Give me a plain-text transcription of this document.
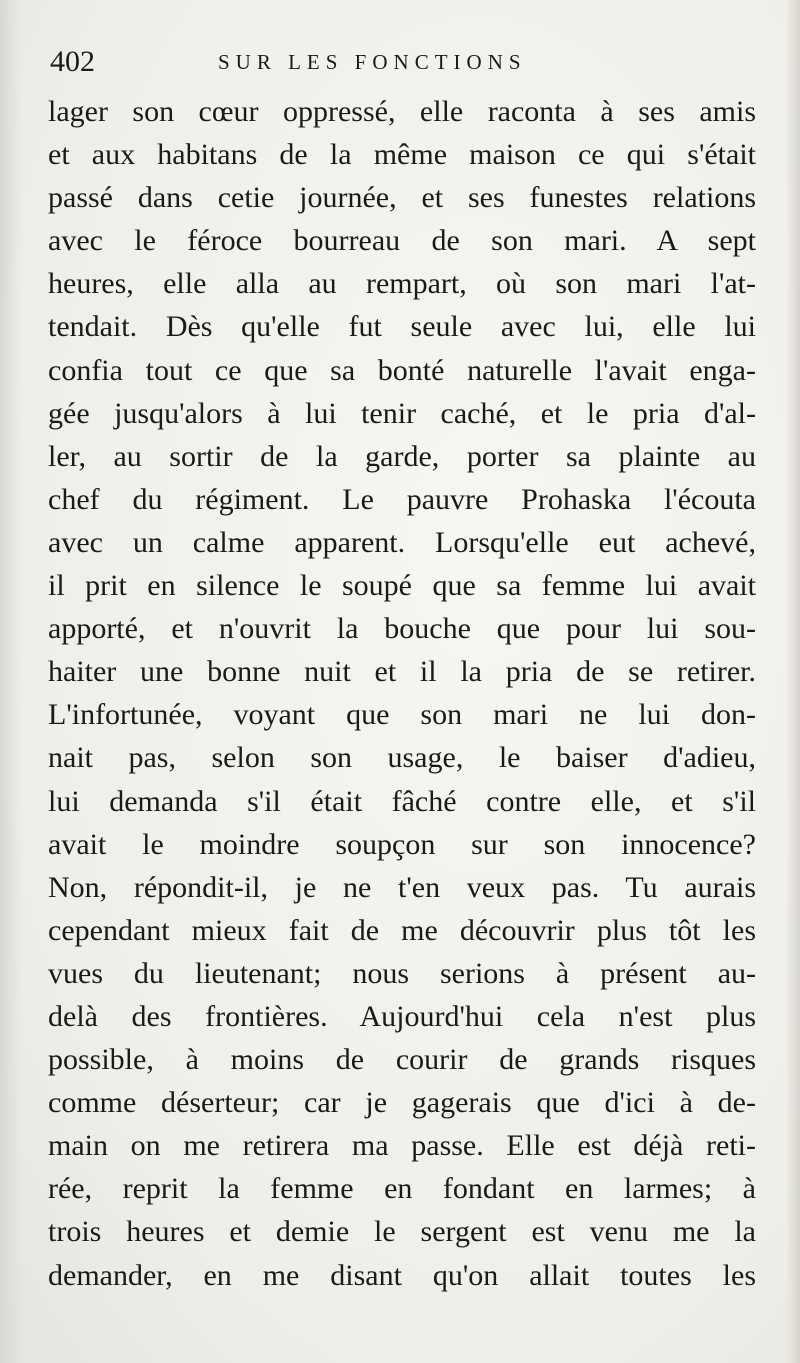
402	SUR LES FONCTIONS
lager son cœur oppressé, elle raconta à ses amis
et aux habitans de la même maison ce qui s'était
passé dans cetie journée, et ses funestes relations
avec le féroce bourreau de son mari. A sept
heures, elle alla au rempart, où son mari l'at-
tendait. Dès qu'elle fut seule avec lui, elle lui
confia tout ce que sa bonté naturelle l'avait enga-
gée jusqu'alors à lui tenir caché, et le pria d'al-
ler, au sortir de la garde, porter sa plainte au
chef du régiment. Le pauvre Prohaska l'écouta
avec un calme apparent. Lorsqu'elle eut achevé,
il prit en silence le soupé que sa femme lui avait
apporté, et n'ouvrit la bouche que pour lui sou-
haiter une bonne nuit et il la pria de se retirer.
L'infortunée, voyant que son mari ne lui don-
nait pas, selon son usage, le baiser d'adieu,
lui demanda s'il était fâché contre elle, et s'il
avait le moindre soupçon sur son innocence?
Non, répondit-il, je ne t'en veux pas. Tu aurais
cependant mieux fait de me découvrir plus tôt les
vues du lieutenant; nous serions à présent au-
delà des frontières. Aujourd'hui cela n'est plus
possible, à moins de courir de grands risques
comme déserteur; car je gagerais que d'ici à de-
main on me retirera ma passe. Elle est déjà reti-
rée, reprit la femme en fondant en larmes; à
trois heures et demie le sergent est venu me la
demander, en me disant qu'on allait toutes les
